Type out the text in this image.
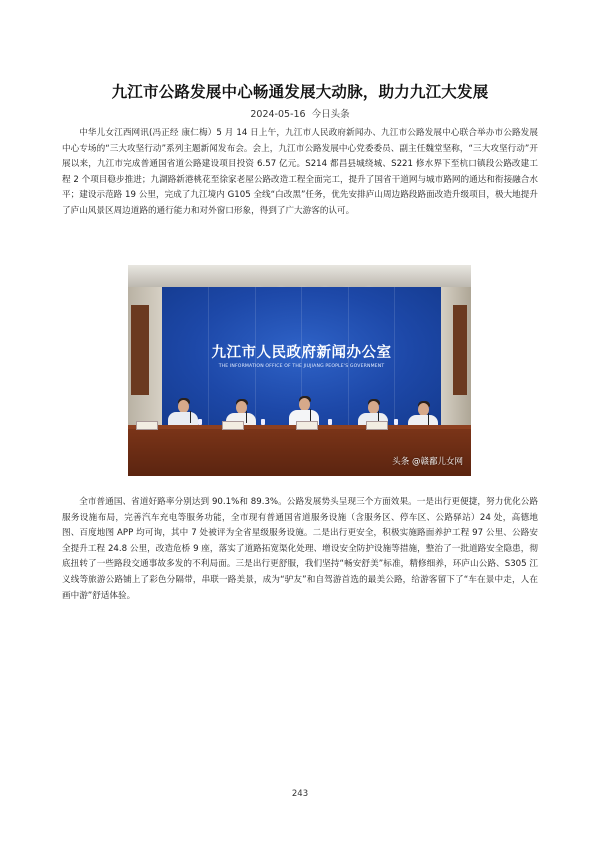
九江市公路发展中心畅通发展大动脉，助力九江大发展
2024-05-16 今日头条

中华儿女江西网讯(冯正经 康仁梅）5 月 14 日上午，九江市人民政府新闻办、九江市公路发展中心联合举办市公路发展中心专场的“三大攻坚行动”系列主题新闻发布会。会上，九江市公路发展中心党委委员、副主任魏堂坚称，“三大攻坚行动”开展以来，九江市完成普通国省道公路建设项目投资 6.57 亿元。S214 都昌县城绕城、S221 修水界下至杭口镇段公路改建工程 2 个项目稳步推进；九湖路新港桃花至徐家老屋公路改造工程全面完工，提升了国省干道网与城市路网的通达和衔接融合水平；建设示范路 19 公里，完成了九江境内 G105 全线“白改黑”任务，优先安排庐山周边路段路面改造升级项目，极大地提升了庐山风景区周边道路的通行能力和对外窗口形象，得到了广大游客的认可。

九江市人民政府新闻办公室
THE INFORMATION OFFICE OF THE JIUJIANG PEOPLE'S GOVERNMENT
头条 @赣鄱儿女网

全市普通国、省道好路率分别达到 90.1%和 89.3%。公路发展势头呈现三个方面效果。一是出行更便捷，努力优化公路服务设施布局，完善汽车充电等服务功能，全市现有普通国省道服务设施（含服务区、停车区、公路驿站）24 处，高德地图、百度地图 APP 均可询，其中 7 处被评为全省星级服务设施。二是出行更安全，积极实施路面养护工程 97 公里、公路安全提升工程 24.8 公里，改造危桥 9 座，落实了道路拓宽渠化处理、增设安全防护设施等措施，整治了一批道路安全隐患，彻底扭转了一些路段交通事故多发的不利局面。三是出行更舒服，我们坚持“畅安舒美”标准，精修细养，环庐山公路、S305 江义线等旅游公路铺上了彩色分隔带，串联一路美景，成为“驴友”和自驾游首选的最美公路，给游客留下了“车在景中走，人在画中游”舒适体验。

243
